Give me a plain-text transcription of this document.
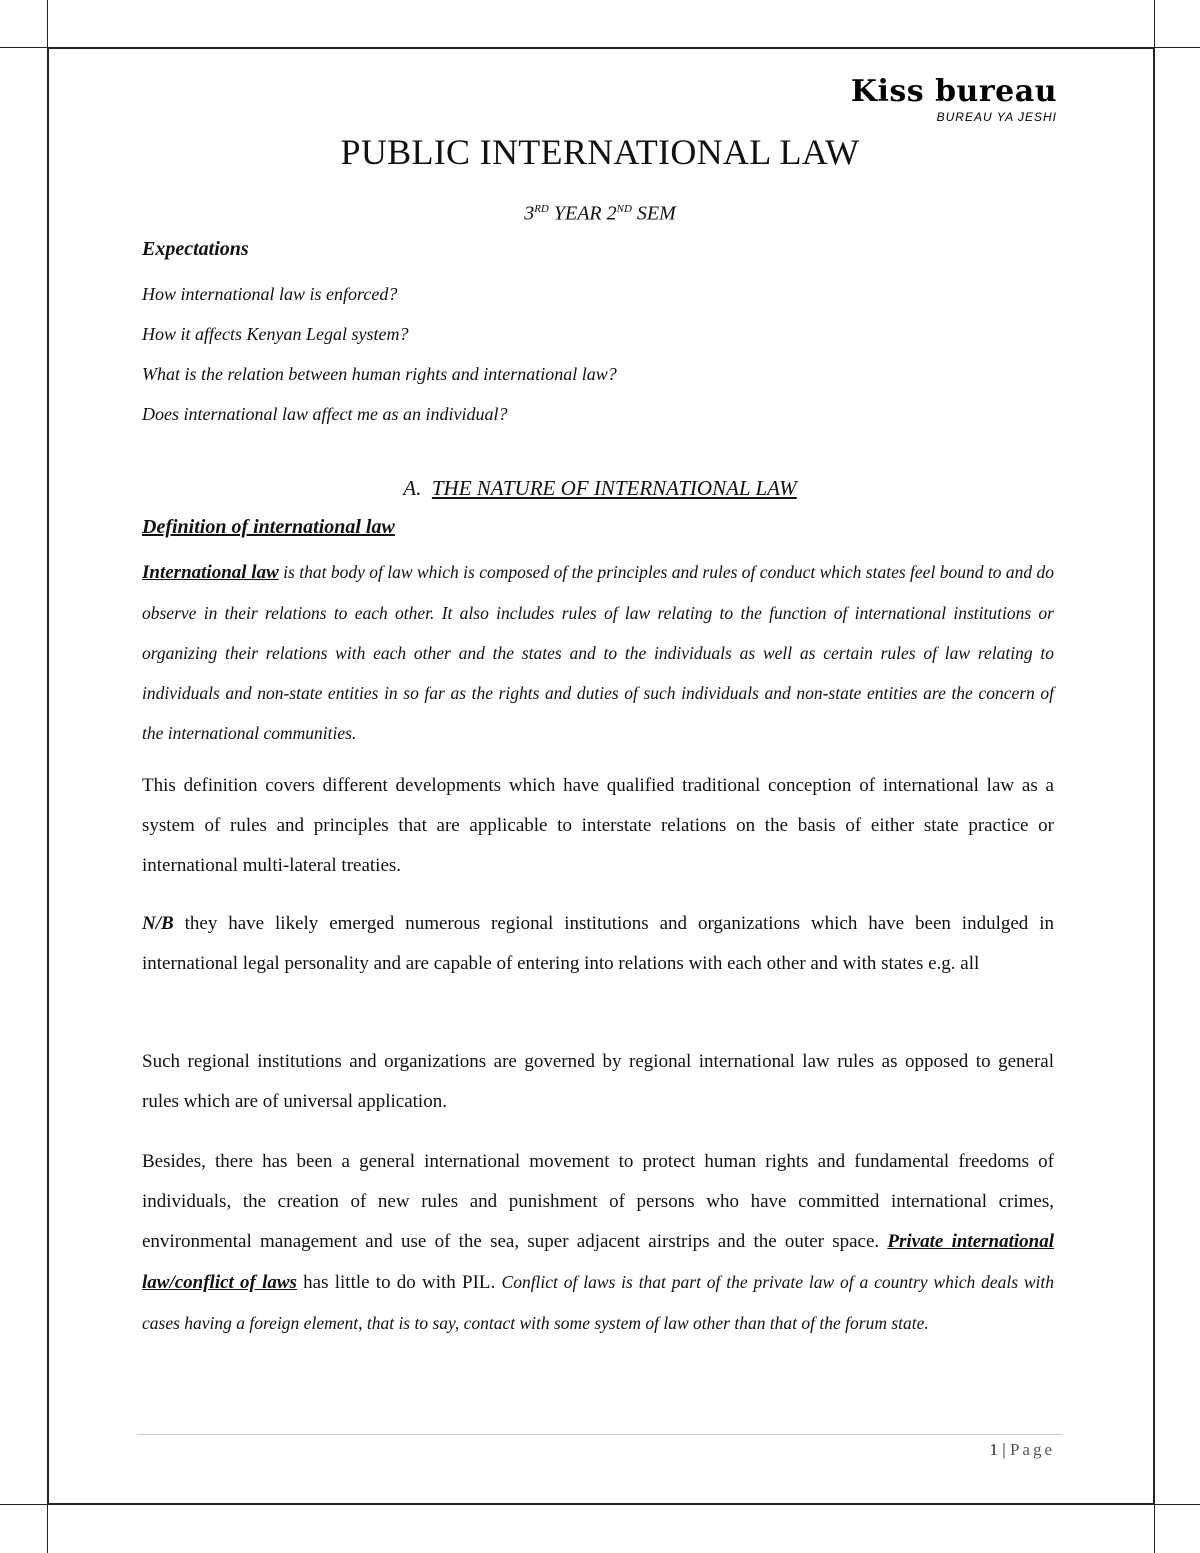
Kiss bureau
BUREAU YA JESHI
PUBLIC INTERNATIONAL LAW
3RD YEAR 2ND SEM
Expectations
How international law is enforced?
How it affects Kenyan Legal system?
What is the relation between human rights and international law?
Does international law affect me as an individual?
A. THE NATURE OF INTERNATIONAL LAW
Definition of international law
International law is that body of law which is composed of the principles and rules of conduct which states feel bound to and do observe in their relations to each other. It also includes rules of law relating to the function of international institutions or organizing their relations with each other and the states and to the individuals as well as certain rules of law relating to individuals and non-state entities in so far as the rights and duties of such individuals and non-state entities are the concern of the international communities.
This definition covers different developments which have qualified traditional conception of international law as a system of rules and principles that are applicable to interstate relations on the basis of either state practice or international multi-lateral treaties.
N/B they have likely emerged numerous regional institutions and organizations which have been indulged in international legal personality and are capable of entering into relations with each other and with states e.g. all
Such regional institutions and organizations are governed by regional international law rules as opposed to general rules which are of universal application.
Besides, there has been a general international movement to protect human rights and fundamental freedoms of individuals, the creation of new rules and punishment of persons who have committed international crimes, environmental management and use of the sea, super adjacent airstrips and the outer space. Private international law/conflict of laws has little to do with PIL. Conflict of laws is that part of the private law of a country which deals with cases having a foreign element, that is to say, contact with some system of law other than that of the forum state.
1 | Page
